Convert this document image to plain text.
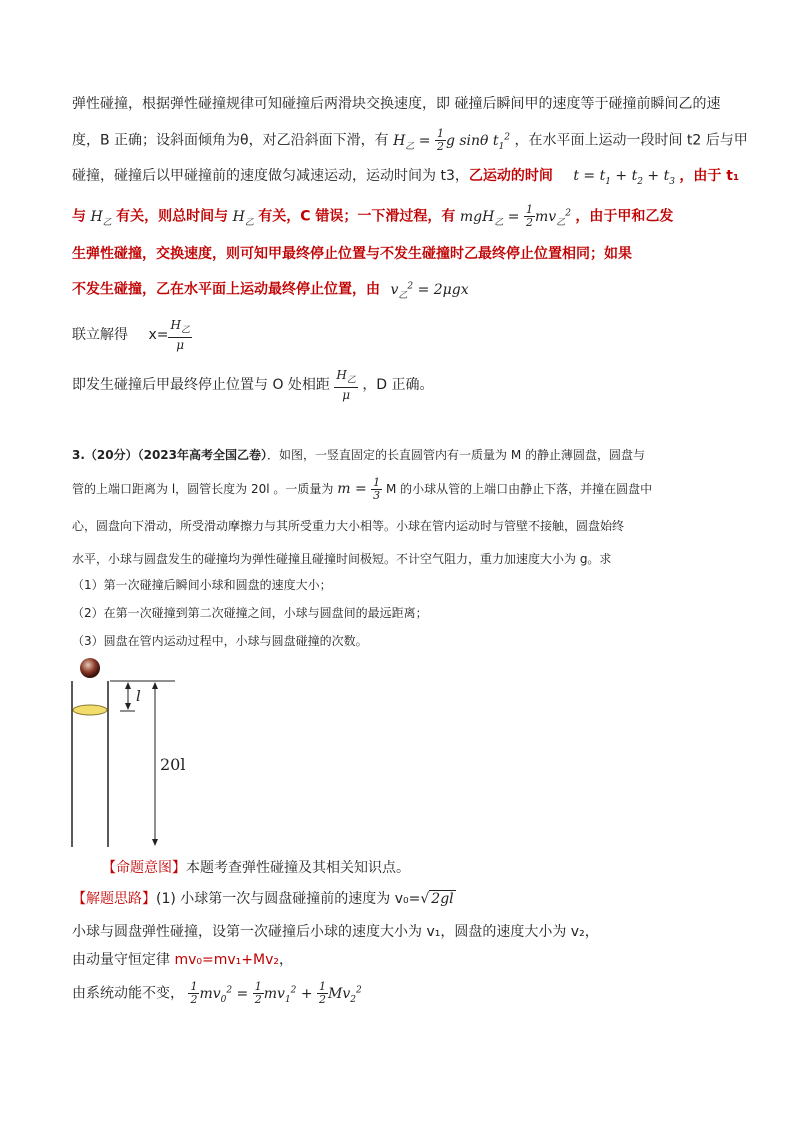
弹性碰撞，根据弹性碰撞规律可知碰撞后两滑块交换速度，即 碰撞后瞬间甲的速度等于碰撞前瞬间乙的速
度，B 正确；设斜面倾角为θ，对乙沿斜面下滑，有 $H_乙 = \frac{1}{2}$ g sinθ $t_1^2$ ，在水平面上运动一段时间 t2 后与甲
碰撞，碰撞后以甲碰撞前的速度做匀减速运动，运动时间为 t3，乙运动的时间 $t = t_1 + t_2 + t_3$ ，由于 t₁
与 $H_乙$ 有关，则总时间与 $H_乙$ 有关，C 错误；一下滑过程，有 $mgH_乙 = \frac{1}{2} mv_乙^2$ ，由于甲和乙发
生弹性碰撞，交换速度，则可知甲最终停止位置与不发生碰撞时乙最终停止位置相同；如果
不发生碰撞，乙在水平面上运动最终停止位置，由 $v_乙^2 = 2\mu gx$
联立解得 $x= \frac{H_乙}{\mu}$
即发生碰撞后甲最终停止位置与 O 处相距 $\frac{H_乙}{\mu}$ ，D 正确。
3.（20分）（2023年高考全国乙卷）．如图，一竖直固定的长直圆管内有一质量为 M 的静止薄圆盘，圆盘与
管的上端口距离为 l，圆管长度为 20l 。一质量为 $m = \frac{1}{3}$ M 的小球从管的上端口由静止下落，并撞在圆盘中
心，圆盘向下滑动，所受滑动摩擦力与其所受重力大小相等。小球在管内运动时与管壁不接触，圆盘始终
水平，小球与圆盘发生的碰撞均为弹性碰撞且碰撞时间极短。不计空气阻力，重力加速度大小为 g。求
（1）第一次碰撞后瞬间小球和圆盘的速度大小；
（2）在第一次碰撞到第二次碰撞之间，小球与圆盘间的最远距离；
（3）圆盘在管内运动过程中，小球与圆盘碰撞的次数。
l
20l
【命题意图】本题考查弹性碰撞及其相关知识点。
【解题思路】(1) 小球第一次与圆盘碰撞前的速度为 v₀=√ 2gl
小球与圆盘弹性碰撞，设第一次碰撞后小球的速度大小为 v₁，圆盘的速度大小为 v₂，
由动量守恒定律 mv₀=mv₁+Mv₂，
由系统动能不变， $\frac{1}{2} mv_0^2 = \frac{1}{2} mv_1^2 + \frac{1}{2} Mv_2^2$
